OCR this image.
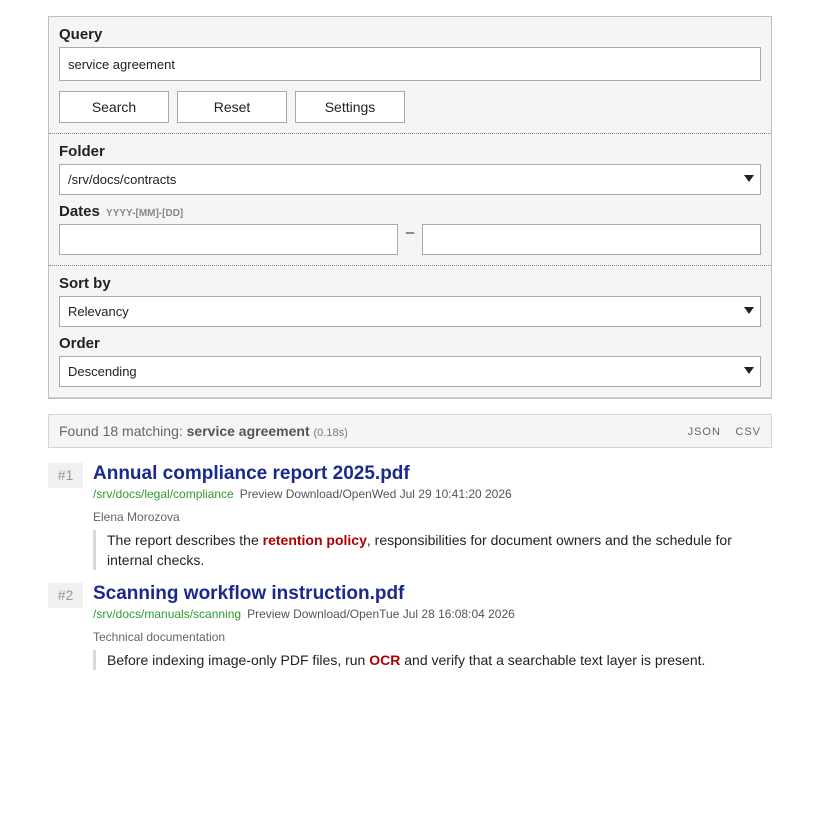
Query
service agreement
Search	Reset	Settings
Folder
/srv/docs/contracts
Dates YYYY-[MM]-[DD]
–
Sort by
Relevancy
Order
Descending
Found 18 matching: service agreement (0.18s)	JSON CSV
#1	Annual compliance report 2025.pdf
/srv/docs/legal/compliance Preview Download/OpenWed Jul 29 10:41:20 2026
Elena Morozova
The report describes the retention policy, responsibilities for document owners and the schedule for internal checks.
#2	Scanning workflow instruction.pdf
/srv/docs/manuals/scanning Preview Download/OpenTue Jul 28 16:08:04 2026
Technical documentation
Before indexing image-only PDF files, run OCR and verify that a searchable text layer is present.
